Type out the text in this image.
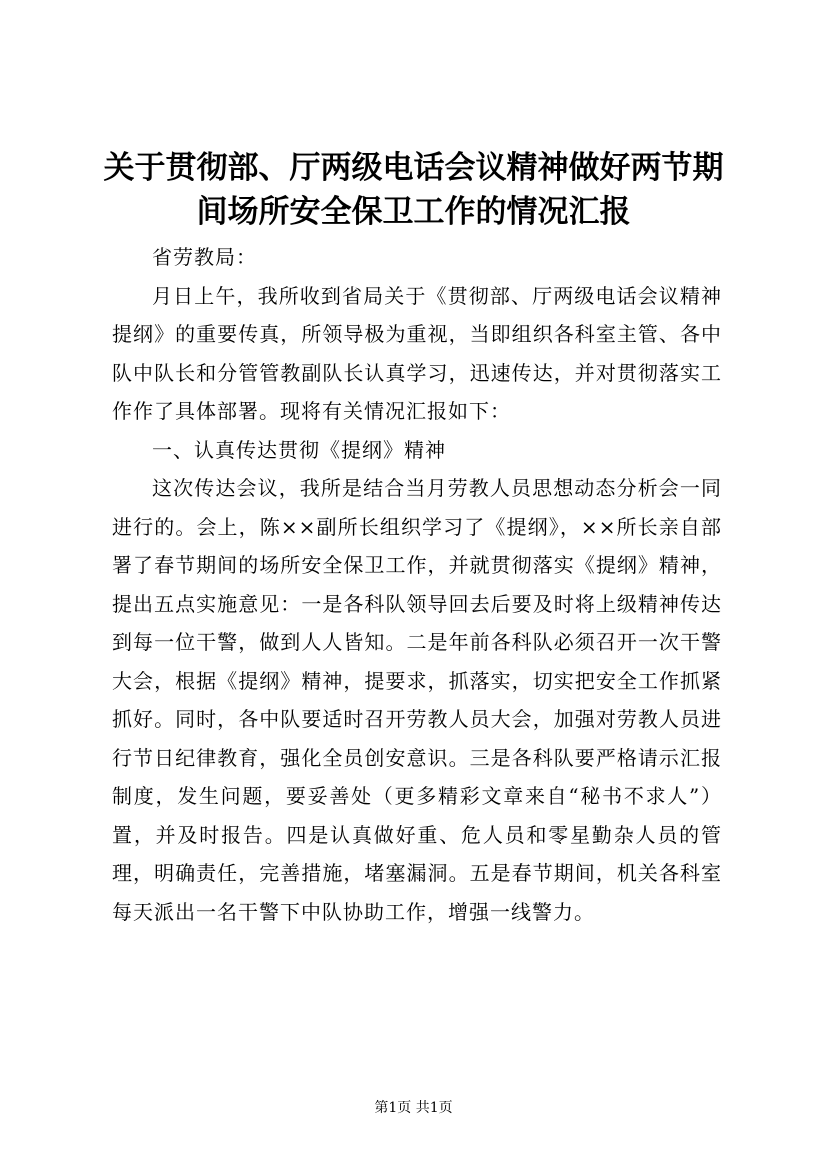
关于贯彻部、厅两级电话会议精神做好两节期间场所安全保卫工作的情况汇报

省劳教局：

月日上午，我所收到省局关于《贯彻部、厅两级电话会议精神提纲》的重要传真，所领导极为重视，当即组织各科室主管、各中队中队长和分管管教副队长认真学习，迅速传达，并对贯彻落实工作作了具体部署。现将有关情况汇报如下：

一、认真传达贯彻《提纲》精神

这次传达会议，我所是结合当月劳教人员思想动态分析会一同进行的。会上，陈××副所长组织学习了《提纲》，××所长亲自部署了春节期间的场所安全保卫工作，并就贯彻落实《提纲》精神，提出五点实施意见：一是各科队领导回去后要及时将上级精神传达到每一位干警，做到人人皆知。二是年前各科队必须召开一次干警大会，根据《提纲》精神，提要求，抓落实，切实把安全工作抓紧抓好。同时，各中队要适时召开劳教人员大会，加强对劳教人员进行节日纪律教育，强化全员创安意识。三是各科队要严格请示汇报制度，发生问题，要妥善处（更多精彩文章来自“秘书不求人”）置，并及时报告。四是认真做好重、危人员和零星勤杂人员的管理，明确责任，完善措施，堵塞漏洞。五是春节期间，机关各科室每天派出一名干警下中队协助工作，增强一线警力。

第1页 共1页
